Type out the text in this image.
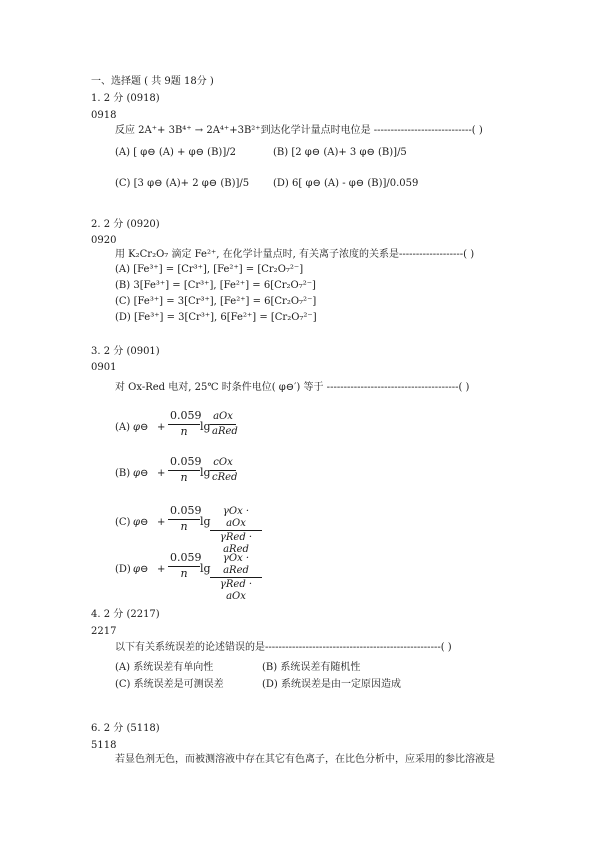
一、选择题 ( 共 9题 18分 )
1. 2 分 (0918)
0918
反应 2A⁺+ 3B⁴⁺ → 2A⁴⁺+3B²⁺到达化学计量点时电位是 -----------------------------( )
(A) [ φ⊖ (A) + φ⊖ (B)]/2	(B) [2 φ⊖ (A)+ 3 φ⊖ (B)]/5
(C) [3 φ⊖ (A)+ 2 φ⊖ (B)]/5 (D) 6[ φ⊖ (A) - φ⊖ (B)]/0.059
2. 2 分 (0920)
0920
用 K₂Cr₂O₇ 滴定 Fe²⁺, 在化学计量点时, 有关离子浓度的关系是-------------------( )
(A) [Fe³⁺] = [Cr³⁺], [Fe²⁺] = [Cr₂O₇²⁻]
(B) 3[Fe³⁺] = [Cr³⁺], [Fe²⁺] = 6[Cr₂O₇²⁻]
(C) [Fe³⁺] = 3[Cr³⁺], [Fe²⁺] = 6[Cr₂O₇²⁻]
(D) [Fe³⁺] = 3[Cr³⁺], 6[Fe²⁺] = [Cr₂O₇²⁻]
3. 2 分 (0901)
0901
对 Ox-Red 电对, 25℃ 时条件电位( φ⊖′) 等于 ---------------------------------------( )
(A) φ⊖ + $\frac{0.059}{n}$ lg
aOx
aRed
(B) φ⊖ + $\frac{0.059}{n}$ lg
cOx
cRed
(C) φ⊖ + $\frac{0.059}{n}$ lg
γOx · aOx
γRed · aRed
(D) φ⊖ + $\frac{0.059}{n}$ lg
γOx · aRed
γRed · aOx
4. 2 分 (2217)
2217
以下有关系统误差的论述错误的是----------------------------------------------------( )
(A) 系统误差有单向性	(B) 系统误差有随机性
(C) 系统误差是可测误差	(D) 系统误差是由一定原因造成
6. 2 分 (5118)
5118
若显色剂无色，而被测溶液中存在其它有色离子，在比色分析中，应采用的参比溶液是
